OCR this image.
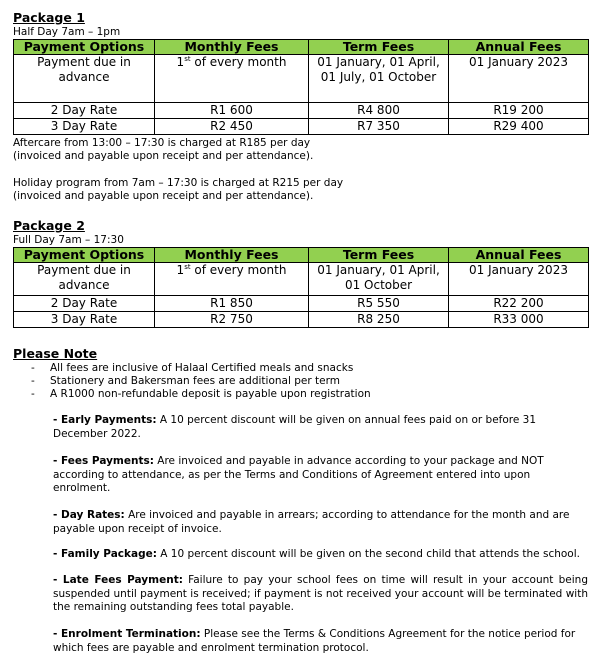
Package 1
Half Day 7am – 1pm
Payment Options	Monthly Fees	Term Fees	Annual Fees
Payment due in advance	1st of every month	01 January, 01 April, 01 July, 01 October	01 January 2023
2 Day Rate	R1 600	R4 800	R19 200
3 Day Rate	R2 450	R7 350	R29 400
Aftercare from 13:00 – 17:30 is charged at R185 per day
(invoiced and payable upon receipt and per attendance).
Holiday program from 7am – 17:30 is charged at R215 per day
(invoiced and payable upon receipt and per attendance).
Package 2
Full Day 7am – 17:30
Payment Options	Monthly Fees	Term Fees	Annual Fees
Payment due in advance	1st of every month	01 January, 01 April, 01 October	01 January 2023
2 Day Rate	R1 850	R5 550	R22 200
3 Day Rate	R2 750	R8 250	R33 000
Please Note
- All fees are inclusive of Halaal Certified meals and snacks
- Stationery and Bakersman fees are additional per term
- A R1000 non-refundable deposit is payable upon registration
- Early Payments: A 10 percent discount will be given on annual fees paid on or before 31 December 2022.
- Fees Payments: Are invoiced and payable in advance according to your package and NOT according to attendance, as per the Terms and Conditions of Agreement entered into upon enrolment.
- Day Rates: Are invoiced and payable in arrears; according to attendance for the month and are payable upon receipt of invoice.
- Family Package: A 10 percent discount will be given on the second child that attends the school.
- Late Fees Payment: Failure to pay your school fees on time will result in your account being suspended until payment is received; if payment is not received your account will be terminated with the remaining outstanding fees total payable.
- Enrolment Termination: Please see the Terms & Conditions Agreement for the notice period for which fees are payable and enrolment termination protocol.
